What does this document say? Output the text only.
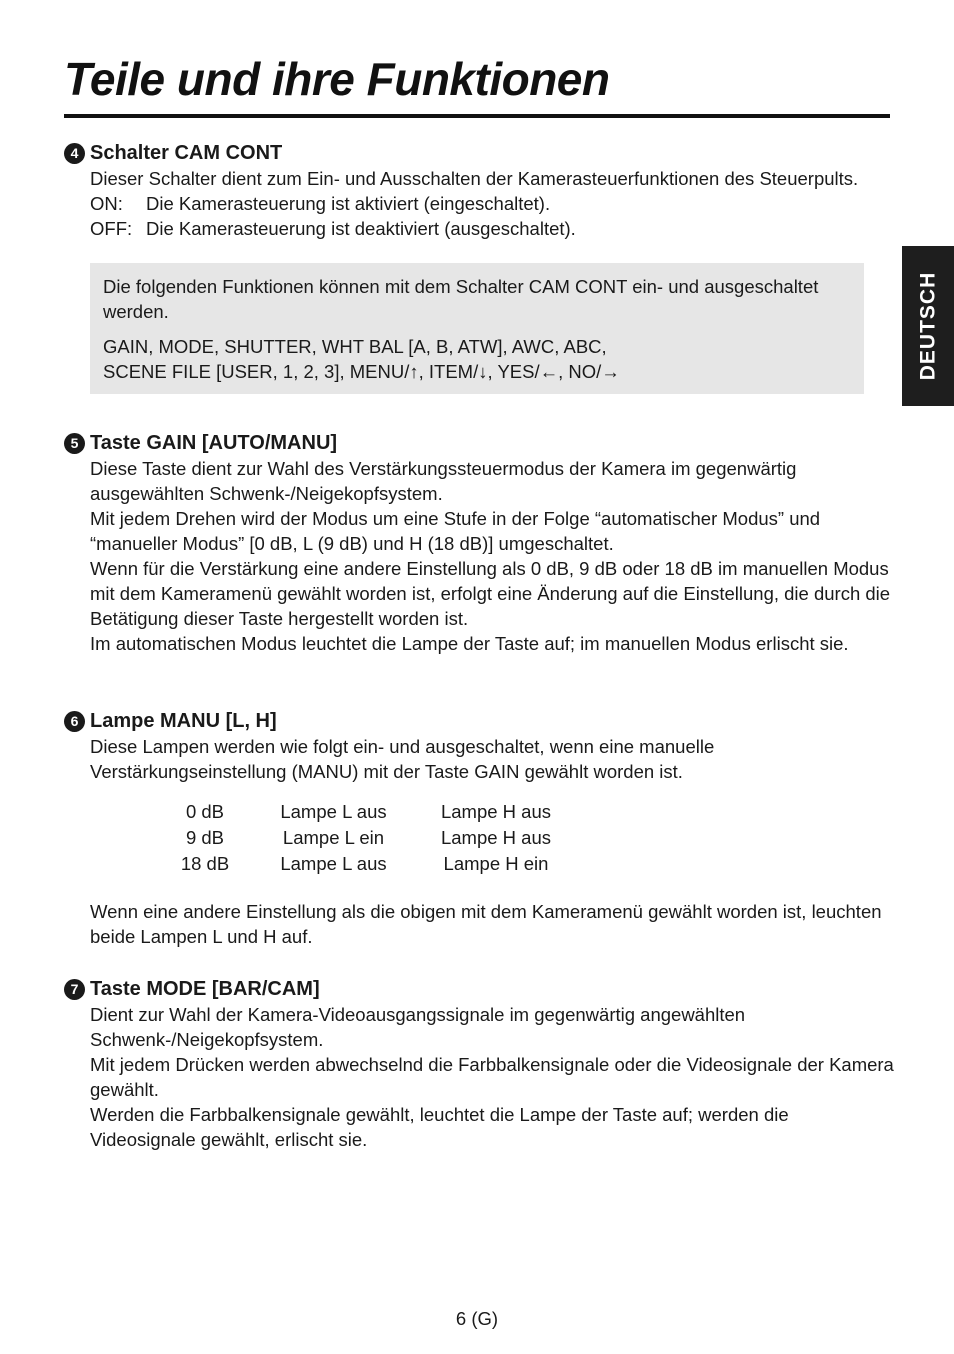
Teile und ihre Funktionen
DEUTSCH
4 Schalter CAM CONT

Dieser Schalter dient zum Ein- und Ausschalten der Kamerasteuerfunktionen des Steuerpults.

ON:	Die Kamerasteuerung ist aktiviert (eingeschaltet).
OFF: Die Kamerasteuerung ist deaktiviert (ausgeschaltet).

Die folgenden Funktionen können mit dem Schalter CAM CONT ein- und ausgeschaltet werden.

GAIN, MODE, SHUTTER, WHT BAL [A, B, ATW], AWC, ABC,
SCENE FILE [USER, 1, 2, 3], MENU/↑, ITEM/↓, YES/←, NO/→

5 Taste GAIN [AUTO/MANU]

Diese Taste dient zur Wahl des Verstärkungssteuermodus der Kamera im gegenwärtig ausgewählten Schwenk-/Neigekopfsystem.

Mit jedem Drehen wird der Modus um eine Stufe in der Folge “automatischer Modus” und “manueller Modus” [0 dB, L (9 dB) und H (18 dB)] umgeschaltet.

Wenn für die Verstärkung eine andere Einstellung als 0 dB, 9 dB oder 18 dB im manuellen Modus mit dem Kameramenü gewählt worden ist, erfolgt eine Änderung auf die Einstellung, die durch die Betätigung dieser Taste hergestellt worden ist.

Im automatischen Modus leuchtet die Lampe der Taste auf; im manuellen Modus erlischt sie.

6 Lampe MANU [L, H]

Diese Lampen werden wie folgt ein- und ausgeschaltet, wenn eine manuelle Verstärkungseinstellung (MANU) mit der Taste GAIN gewählt worden ist.

0 dB	Lampe L aus	Lampe H aus
9 dB	Lampe L ein	Lampe H aus
18 dB	Lampe L aus	Lampe H ein

Wenn eine andere Einstellung als die obigen mit dem Kameramenü gewählt worden ist, leuchten beide Lampen L und H auf.

7 Taste MODE [BAR/CAM]

Dient zur Wahl der Kamera-Videoausgangssignale im gegenwärtig angewählten Schwenk-/Neigekopfsystem.

Mit jedem Drücken werden abwechselnd die Farbbalkensignale oder die Videosignale der Kamera gewählt.

Werden die Farbbalkensignale gewählt, leuchtet die Lampe der Taste auf; werden die Videosignale gewählt, erlischt sie.

6 (G)
